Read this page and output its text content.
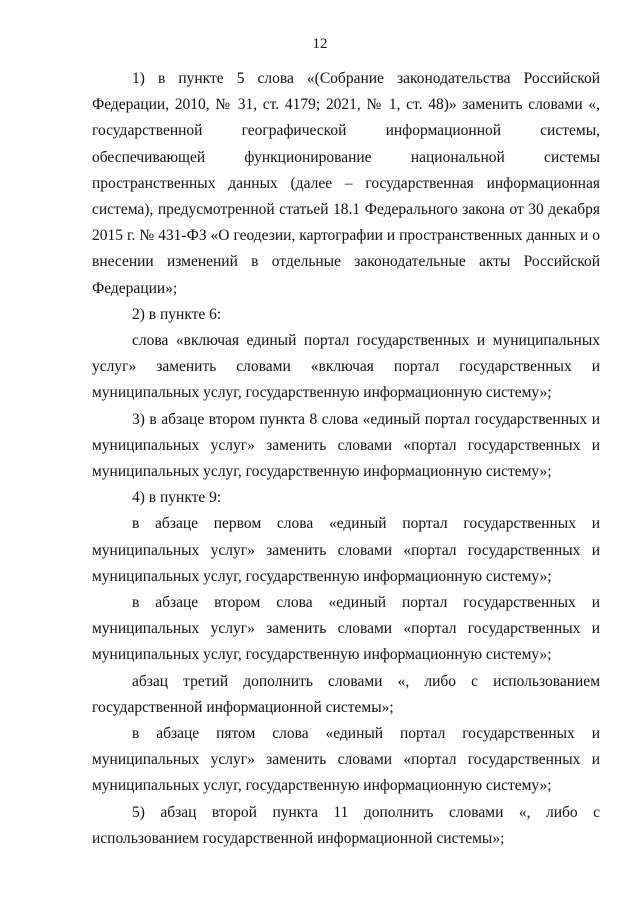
12

1) в пункте 5 слова «(Собрание законодательства Российской Федерации, 2010, № 31, ст. 4179; 2021, № 1, ст. 48)» заменить словами «, государственной географической информационной системы, обеспечивающей функционирование национальной системы пространственных данных (далее – государственная информационная система), предусмотренной статьей 18.1 Федерального закона от 30 декабря 2015 г. № 431-ФЗ «О геодезии, картографии и пространственных данных и о внесении изменений в отдельные законодательные акты Российской Федерации»;

2) в пункте 6:

слова «включая единый портал государственных и муниципальных услуг» заменить словами «включая портал государственных и муниципальных услуг, государственную информационную систему»;

3) в абзаце втором пункта 8 слова «единый портал государственных и муниципальных услуг» заменить словами «портал государственных и муниципальных услуг, государственную информационную систему»;

4) в пункте 9:

в абзаце первом слова «единый портал государственных и муниципальных услуг» заменить словами «портал государственных и муниципальных услуг, государственную информационную систему»;

в абзаце втором слова «единый портал государственных и муниципальных услуг» заменить словами «портал государственных и муниципальных услуг, государственную информационную систему»;

абзац третий дополнить словами «, либо с использованием государственной информационной системы»;

в абзаце пятом слова «единый портал государственных и муниципальных услуг» заменить словами «портал государственных и муниципальных услуг, государственную информационную систему»;

5) абзац второй пункта 11 дополнить словами «, либо с использованием государственной информационной системы»;
